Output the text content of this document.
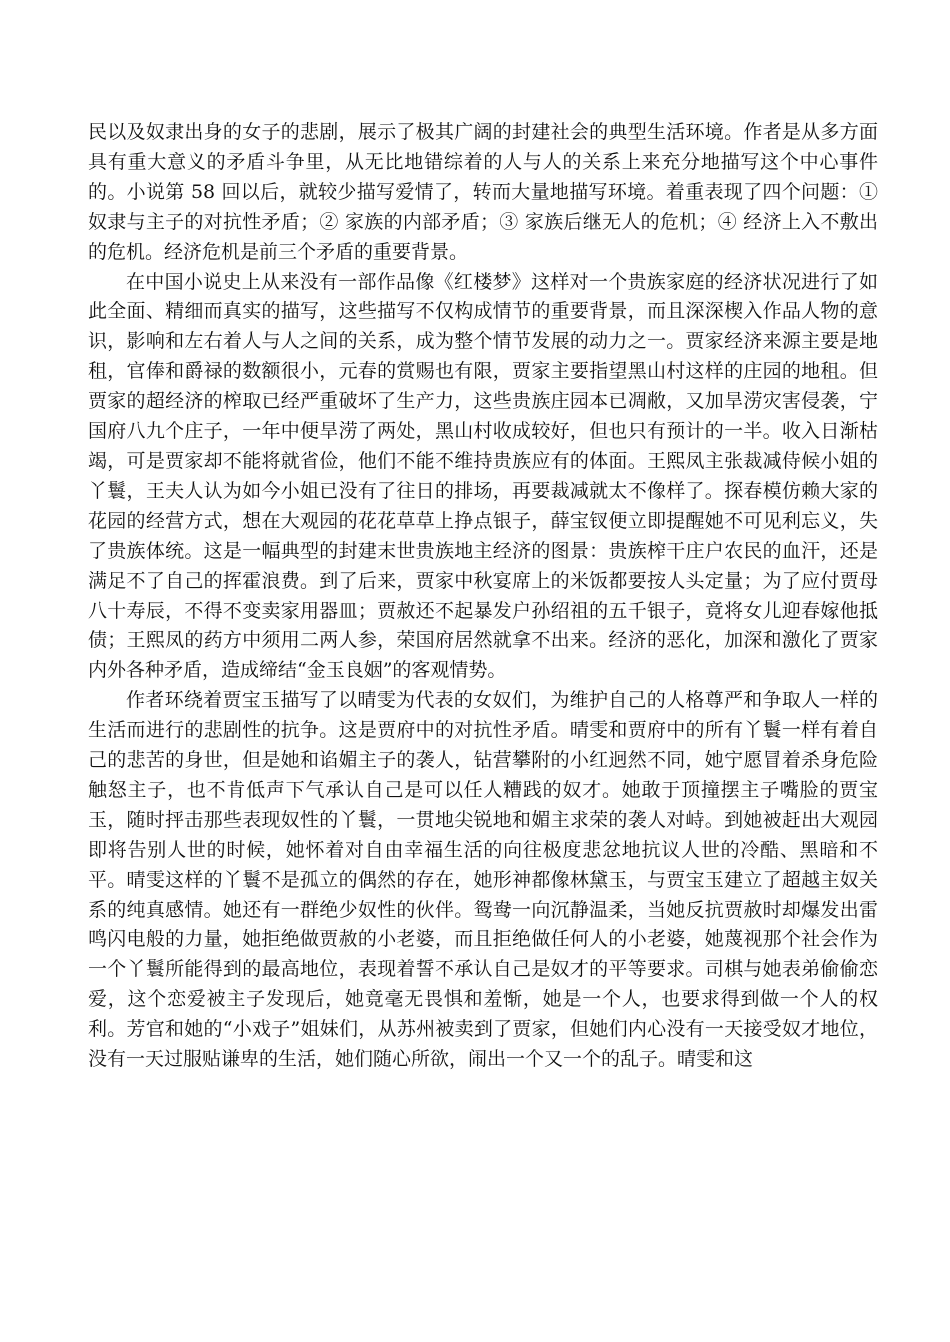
民以及奴隶出身的女子的悲剧，展示了极其广阔的封建社会的典型生活环境。作者是从多方面具有重大意义的矛盾斗争里，从无比地错综着的人与人的关系上来充分地描写这个中心事件的。小说第 58 回以后，就较少描写爱情了，转而大量地描写环境。着重表现了四个问题：① 奴隶与主子的对抗性矛盾；② 家族的内部矛盾；③ 家族后继无人的危机；④ 经济上入不敷出的危机。经济危机是前三个矛盾的重要背景。

在中国小说史上从来没有一部作品像《红楼梦》这样对一个贵族家庭的经济状况进行了如此全面、精细而真实的描写，这些描写不仅构成情节的重要背景，而且深深楔入作品人物的意识，影响和左右着人与人之间的关系，成为整个情节发展的动力之一。贾家经济来源主要是地租，官俸和爵禄的数额很小，元春的赏赐也有限，贾家主要指望黑山村这样的庄园的地租。但贾家的超经济的榨取已经严重破坏了生产力，这些贵族庄园本已凋敝，又加旱涝灾害侵袭，宁国府八九个庄子，一年中便旱涝了两处，黑山村收成较好，但也只有预计的一半。收入日渐枯竭，可是贾家却不能将就省俭，他们不能不维持贵族应有的体面。王熙凤主张裁减侍候小姐的丫鬟，王夫人认为如今小姐已没有了往日的排场，再要裁减就太不像样了。探春模仿赖大家的花园的经营方式，想在大观园的花花草草上挣点银子，薛宝钗便立即提醒她不可见利忘义，失了贵族体统。这是一幅典型的封建末世贵族地主经济的图景：贵族榨干庄户农民的血汗，还是满足不了自己的挥霍浪费。到了后来，贾家中秋宴席上的米饭都要按人头定量；为了应付贾母八十寿辰，不得不变卖家用器皿；贾赦还不起暴发户孙绍祖的五千银子，竟将女儿迎春嫁他抵债；王熙凤的药方中须用二两人参，荣国府居然就拿不出来。经济的恶化，加深和激化了贾家内外各种矛盾，造成缔结“金玉良姻”的客观情势。

作者环绕着贾宝玉描写了以晴雯为代表的女奴们，为维护自己的人格尊严和争取人一样的生活而进行的悲剧性的抗争。这是贾府中的对抗性矛盾。晴雯和贾府中的所有丫鬟一样有着自己的悲苦的身世，但是她和谄媚主子的袭人，钻营攀附的小红迥然不同，她宁愿冒着杀身危险触怒主子，也不肯低声下气承认自己是可以任人糟践的奴才。她敢于顶撞摆主子嘴脸的贾宝玉，随时抨击那些表现奴性的丫鬟，一贯地尖锐地和媚主求荣的袭人对峙。到她被赶出大观园即将告别人世的时候，她怀着对自由幸福生活的向往极度悲忿地抗议人世的冷酷、黑暗和不平。晴雯这样的丫鬟不是孤立的偶然的存在，她形神都像林黛玉，与贾宝玉建立了超越主奴关系的纯真感情。她还有一群绝少奴性的伙伴。鸳鸯一向沉静温柔，当她反抗贾赦时却爆发出雷鸣闪电般的力量，她拒绝做贾赦的小老婆，而且拒绝做任何人的小老婆，她蔑视那个社会作为一个丫鬟所能得到的最高地位，表现着誓不承认自己是奴才的平等要求。司棋与她表弟偷偷恋爱，这个恋爱被主子发现后，她竟毫无畏惧和羞惭，她是一个人，也要求得到做一个人的权利。芳官和她的“小戏子”姐妹们，从苏州被卖到了贾家，但她们内心没有一天接受奴才地位，没有一天过服贴谦卑的生活，她们随心所欲，闹出一个又一个的乱子。晴雯和这
